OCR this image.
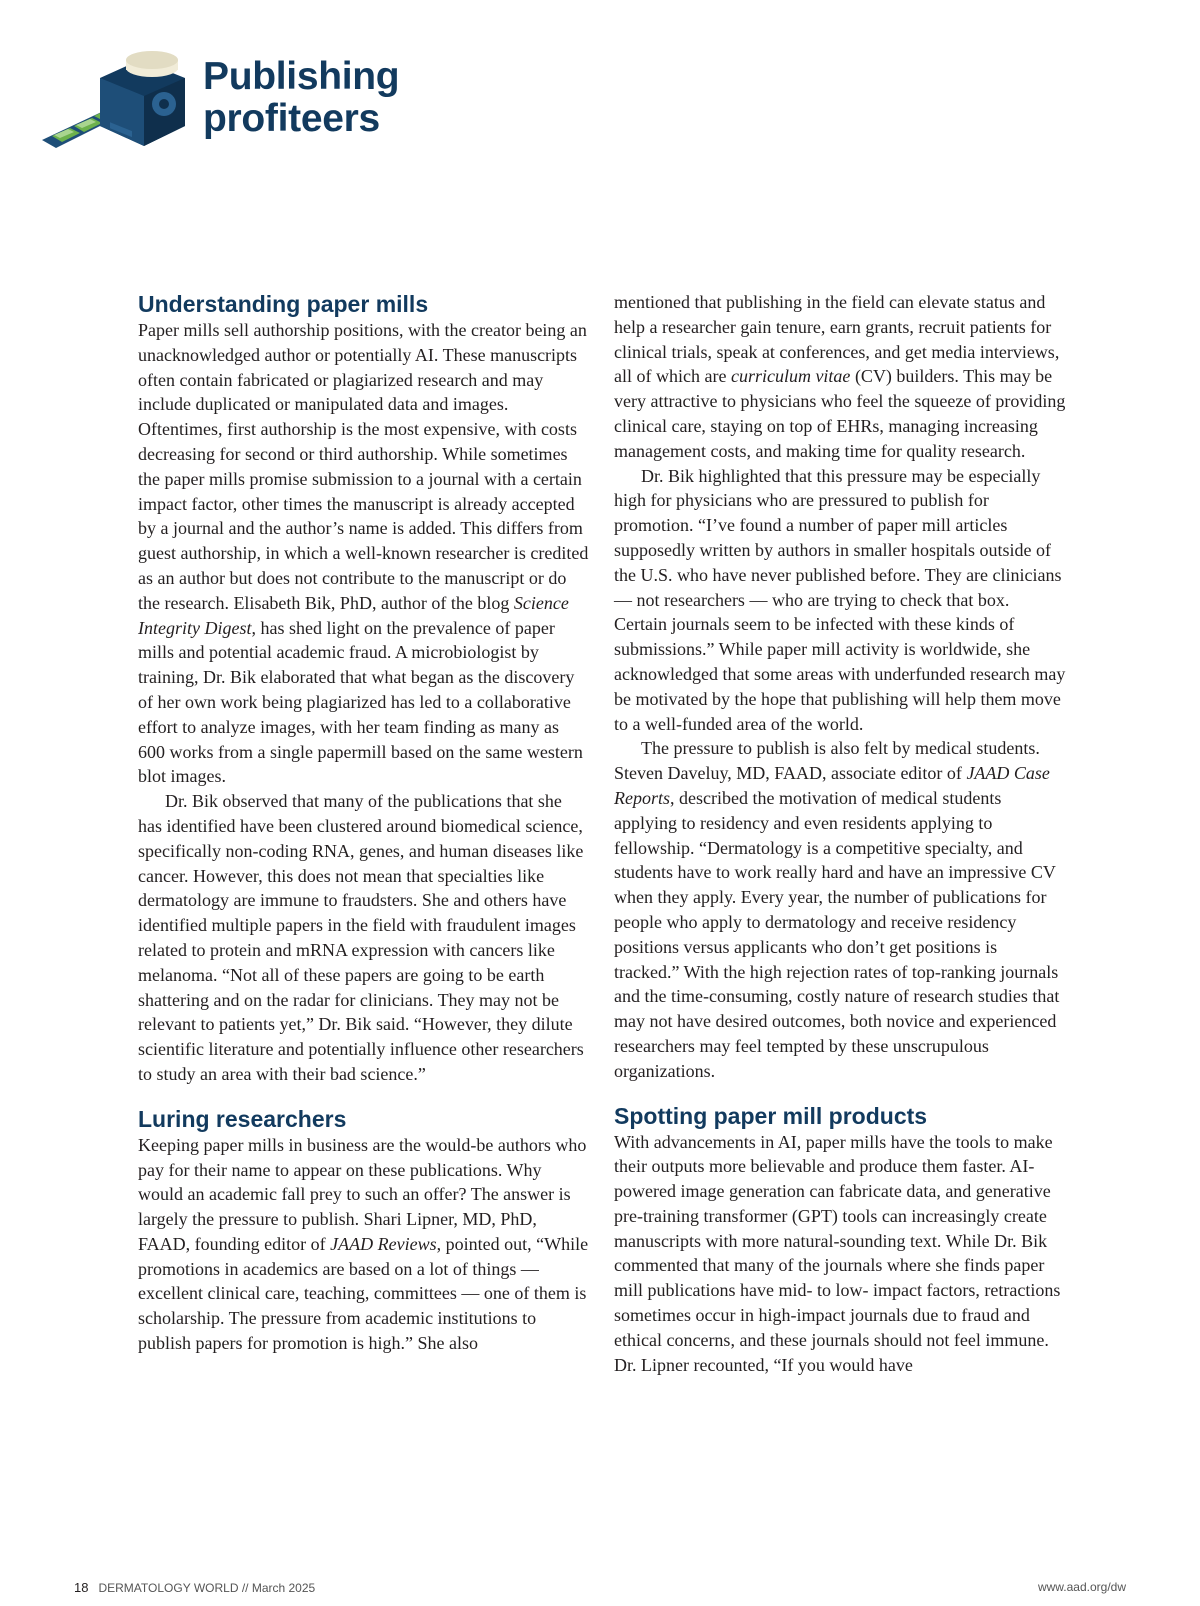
Publishing
profiteers
Understanding paper mills

Paper mills sell authorship positions, with the creator being an unacknowledged author or potentially AI. These manuscripts often contain fabricated or plagiarized research and may include duplicated or manipulated data and images. Oftentimes, first authorship is the most expensive, with costs decreasing for second or third authorship. While sometimes the paper mills promise submission to a journal with a certain impact factor, other times the manuscript is already accepted by a journal and the author’s name is added. This differs from guest authorship, in which a well-known researcher is credited as an author but does not contribute to the manuscript or do the research. Elisabeth Bik, PhD, author of the blog Science Integrity Digest, has shed light on the prevalence of paper mills and potential academic fraud. A microbiologist by training, Dr. Bik elaborated that what began as the discovery of her own work being plagiarized has led to a collaborative effort to analyze images, with her team finding as many as 600 works from a single papermill based on the same western blot images.

Dr. Bik observed that many of the publications that she has identified have been clustered around biomedical science, specifically non-coding RNA, genes, and human diseases like cancer. However, this does not mean that specialties like dermatology are immune to fraudsters. She and others have identified multiple papers in the field with fraudulent images related to protein and mRNA expression with cancers like melanoma. “Not all of these papers are going to be earth shattering and on the radar for clinicians. They may not be relevant to patients yet,” Dr. Bik said. “However, they dilute scientific literature and potentially influence other researchers to study an area with their bad science.”

Luring researchers

Keeping paper mills in business are the would-be authors who pay for their name to appear on these publications. Why would an academic fall prey to such an offer? The answer is largely the pressure to publish. Shari Lipner, MD, PhD, FAAD, founding editor of JAAD Reviews, pointed out, “While promotions in academics are based on a lot of things — excellent clinical care, teaching, committees — one of them is scholarship. The pressure from academic institutions to publish papers for promotion is high.” She also

mentioned that publishing in the field can elevate status and help a researcher gain tenure, earn grants, recruit patients for clinical trials, speak at conferences, and get media interviews, all of which are curriculum vitae (CV) builders. This may be very attractive to physicians who feel the squeeze of providing clinical care, staying on top of EHRs, managing increasing management costs, and making time for quality research.

Dr. Bik highlighted that this pressure may be especially high for physicians who are pressured to publish for promotion. “I’ve found a number of paper mill articles supposedly written by authors in smaller hospitals outside of the U.S. who have never published before. They are clinicians — not researchers — who are trying to check that box. Certain journals seem to be infected with these kinds of submissions.” While paper mill activity is worldwide, she acknowledged that some areas with underfunded research may be motivated by the hope that publishing will help them move to a well-funded area of the world.

The pressure to publish is also felt by medical students. Steven Daveluy, MD, FAAD, associate editor of JAAD Case Reports, described the motivation of medical students applying to residency and even residents applying to fellowship. “Dermatology is a competitive specialty, and students have to work really hard and have an impressive CV when they apply. Every year, the number of publications for people who apply to dermatology and receive residency positions versus applicants who don’t get positions is tracked.” With the high rejection rates of top-ranking journals and the time-consuming, costly nature of research studies that may not have desired outcomes, both novice and experienced researchers may feel tempted by these unscrupulous organizations.

Spotting paper mill products

With advancements in AI, paper mills have the tools to make their outputs more believable and produce them faster. AI-powered image generation can fabricate data, and generative pre-training transformer (GPT) tools can increasingly create manuscripts with more natural-sounding text. While Dr. Bik commented that many of the journals where she finds paper mill publications have mid- to low- impact factors, retractions sometimes occur in high-impact journals due to fraud and ethical concerns, and these journals should not feel immune. Dr. Lipner recounted, “If you would have

18 DERMATOLOGY WORLD // March 2025	www.aad.org/dw
